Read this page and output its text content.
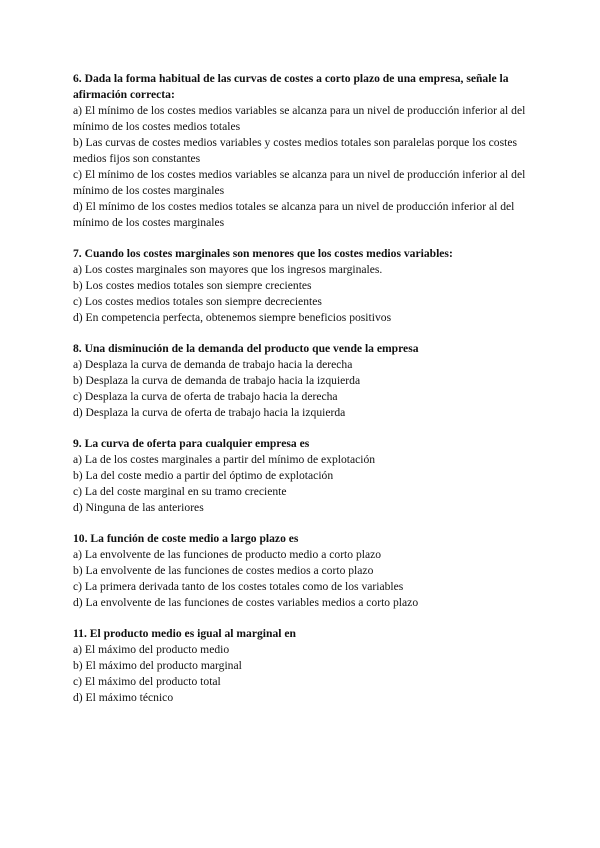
6. Dada la forma habitual de las curvas de costes a corto plazo de una empresa, señale la afirmación correcta:
a) El mínimo de los costes medios variables se alcanza para un nivel de producción inferior al del mínimo de los costes medios totales
b) Las curvas de costes medios variables y costes medios totales son paralelas porque los costes medios fijos son constantes
c) El mínimo de los costes medios variables se alcanza para un nivel de producción inferior al del mínimo de los costes marginales
d) El mínimo de los costes medios totales se alcanza para un nivel de producción inferior al del mínimo de los costes marginales
7. Cuando los costes marginales son menores que los costes medios variables:
a) Los costes marginales son mayores que los ingresos marginales.
b) Los costes medios totales son siempre crecientes
c) Los costes medios totales son siempre decrecientes
d) En competencia perfecta, obtenemos siempre beneficios positivos
8. Una disminución de la demanda del producto que vende la empresa
a) Desplaza la curva de demanda de trabajo hacia la derecha
b) Desplaza la curva de demanda de trabajo hacia la izquierda
c) Desplaza la curva de oferta de trabajo hacia la derecha
d) Desplaza la curva de oferta de trabajo hacia la izquierda
9. La curva de oferta para cualquier empresa es
a) La de los costes marginales a partir del mínimo de explotación
b) La del coste medio a partir del óptimo de explotación
c) La del coste marginal en su tramo creciente
d) Ninguna de las anteriores
10. La función de coste medio a largo plazo es
a) La envolvente de las funciones de producto medio a corto plazo
b) La envolvente de las funciones de costes medios a corto plazo
c) La primera derivada tanto de los costes totales como de los variables
d) La envolvente de las funciones de costes variables medios a corto plazo
11. El producto medio es igual al marginal en
a) El máximo del producto medio
b) El máximo del producto marginal
c) El máximo del producto total
d) El máximo técnico
